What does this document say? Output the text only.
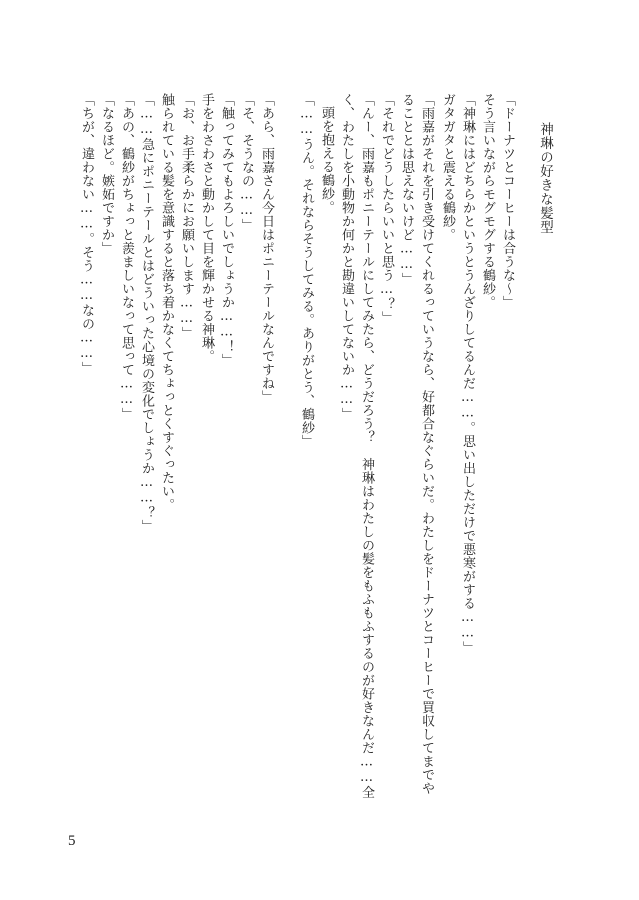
神琳の好きな髪型
「ドーナツとコーヒーは合うな〜」
そう言いながらモグモグする鶴紗。
「神琳にはどちらかというとうんざりしてるんだ……。思い出しただけで悪寒がする……」
ガタガタと震える鶴紗。
「雨嘉がそれを引き受けてくれるっていうなら、好都合なぐらいだ。わたしをドーナツとコーヒーで買収してまでや
ることとは思えないけど……」
「それでどうしたらいいと思う…？」
「んー、雨嘉もポニーテールにしてみたら、どうだろう？　神琳はわたしの髪をもふもふするのが好きなんだ……全
く、わたしを小動物か何かと勘違いしてないか……」
頭を抱える鶴紗。
「……うん。それならそうしてみる。ありがとう、鶴紗」
「あら、雨嘉さん今日はポニーテールなんですね」
「そ、そうなの……」
「触ってみてもよろしいでしょうか……！」
手をわさわさと動かして目を輝かせる神琳。
「お、お手柔らかにお願いします……」
触られている髪を意識すると落ち着かなくてちょっとくすぐったい。
「……急にポニーテールとはどういった心境の変化でしょうか……？」
「あの、鶴紗がちょっと羨ましいなって思って……」
「なるほど。嫉妬ですか」
「ちが、違わない……。そう……なの……」
5
